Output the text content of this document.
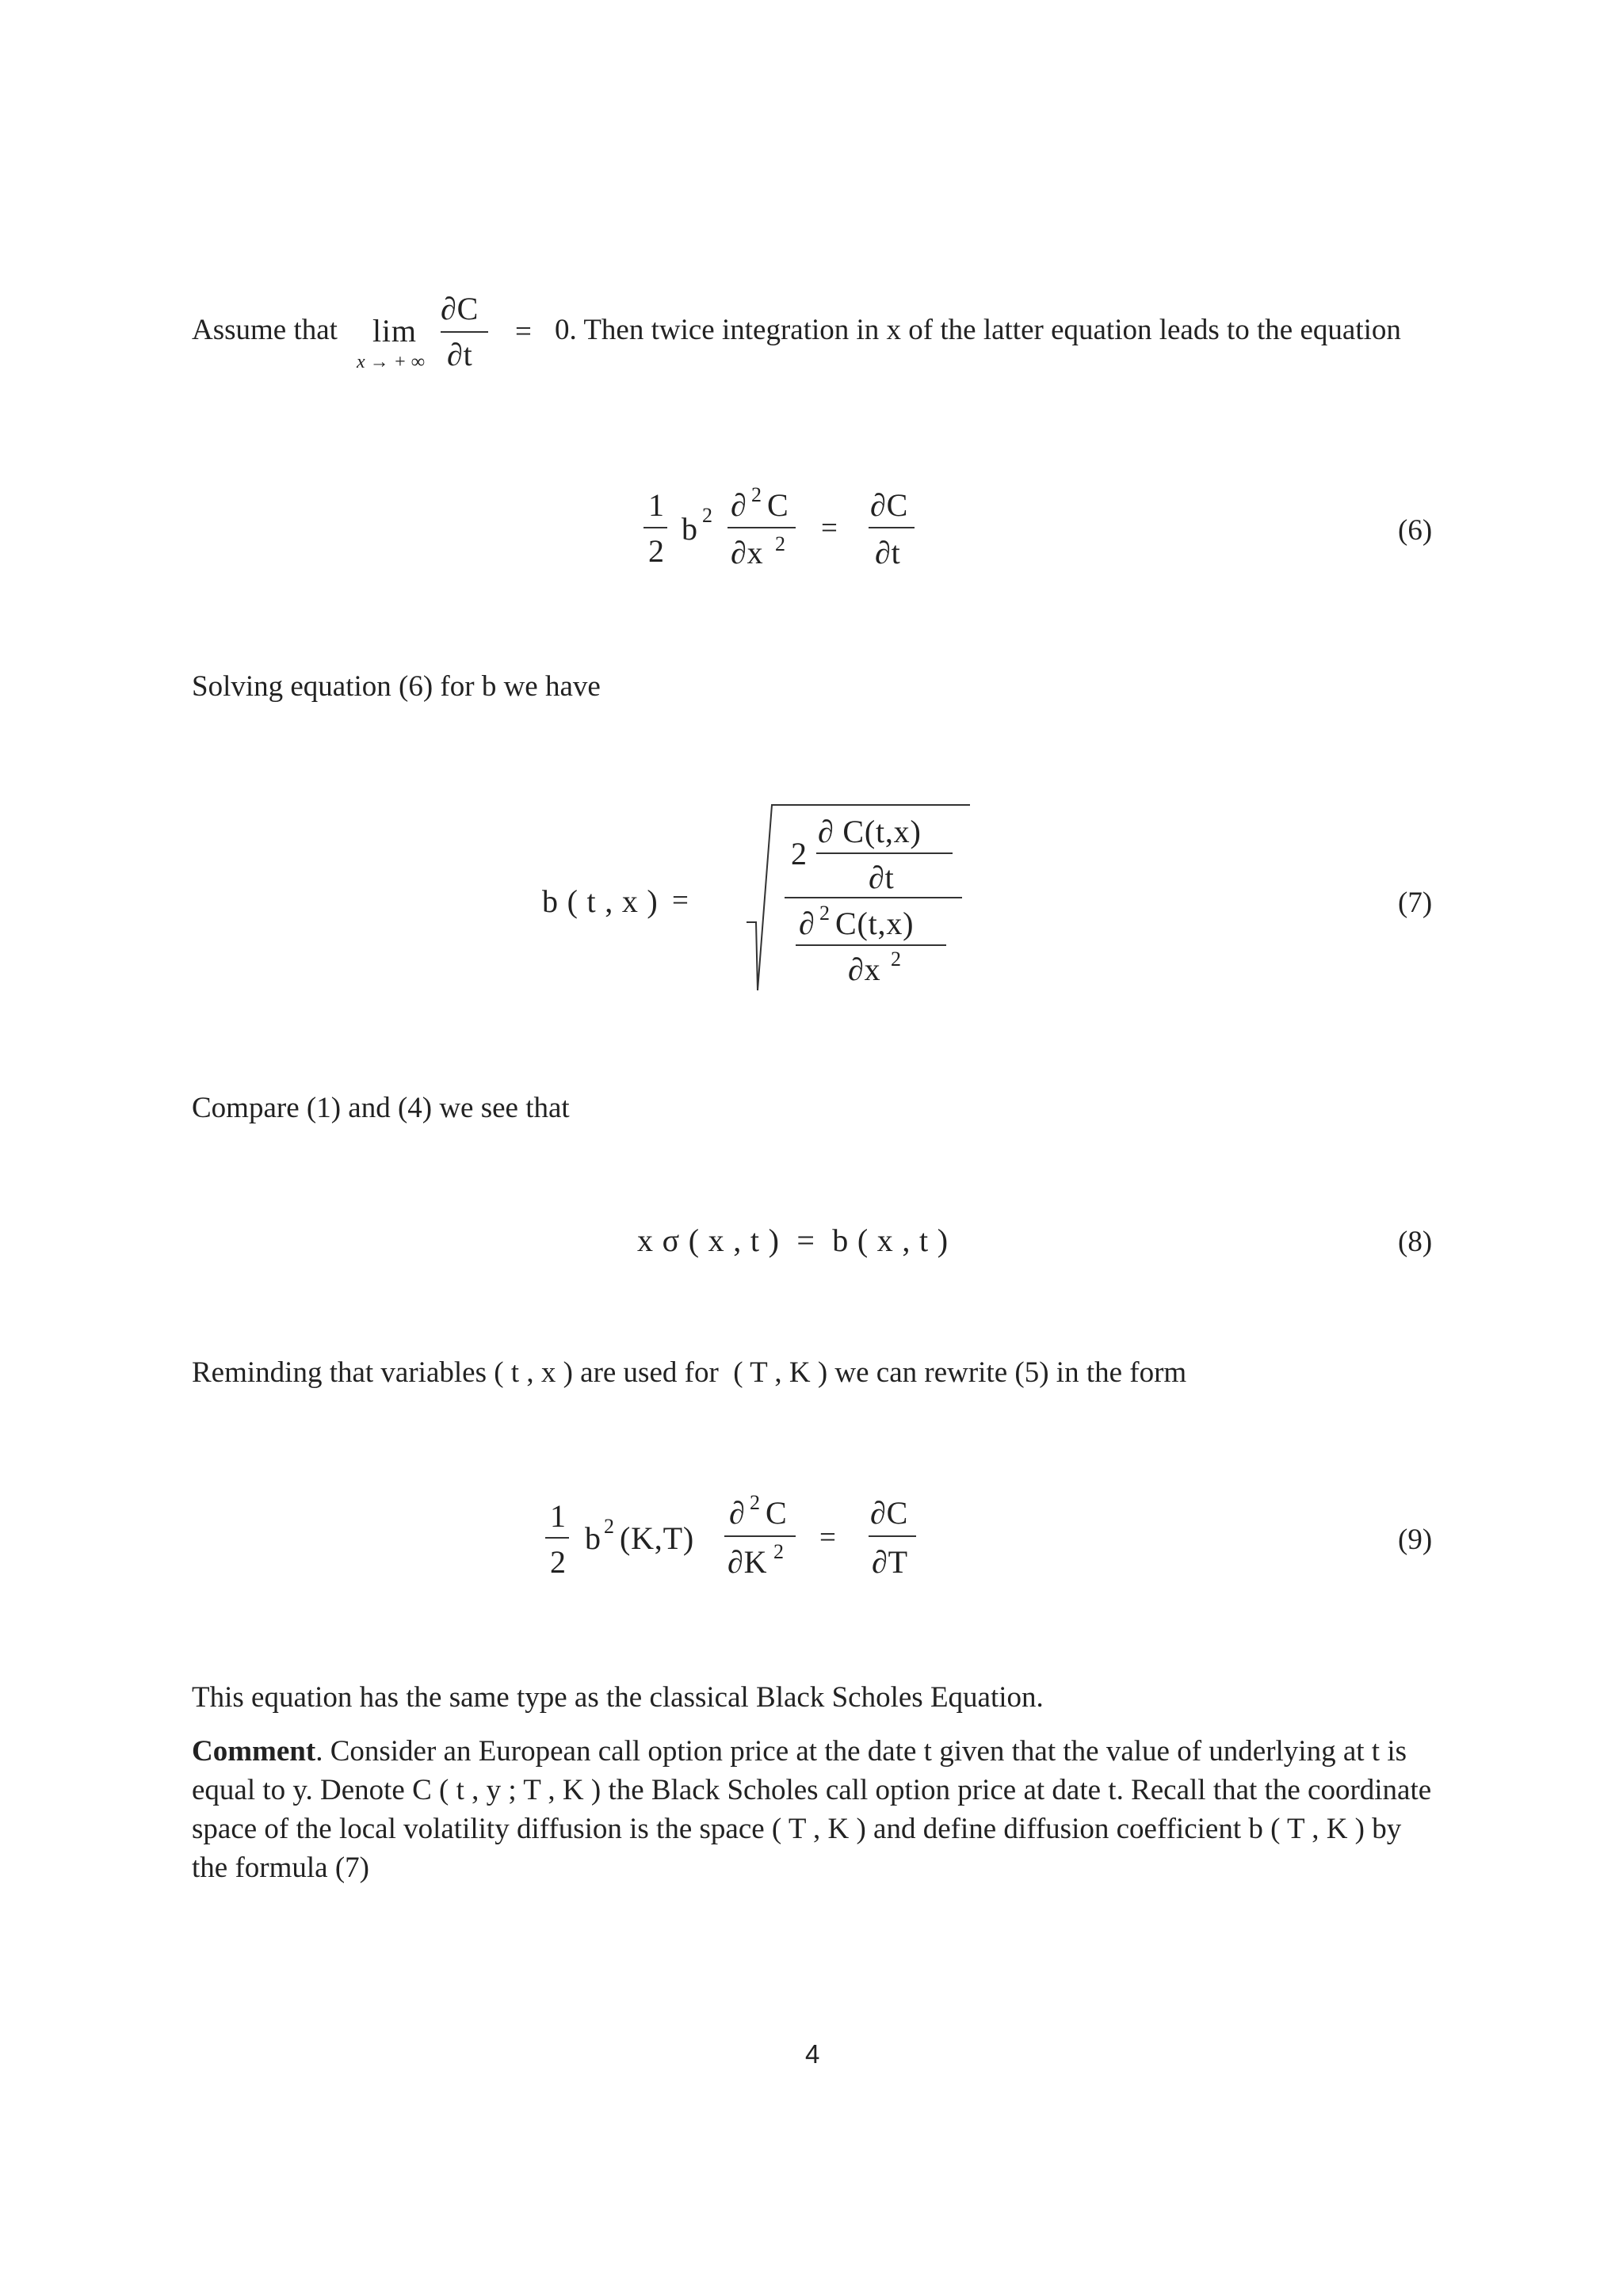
Assume that lim
x → + ∞
∂C
∂t
= 0. Then twice integration in x of the latter equation leads to the equation
1
2
b 2 ∂ 2 C
∂x 2 =
∂C
∂t
(6)
Solving equation (6) for b we have
b ( t , x ) =
2
∂ C(t,x)
∂t
∂ 2 C(t,x)
∂x 2
(7)
Compare (1) and (4) we see that
x σ ( x , t )  =  b ( x , t )	(8)
Reminding that variables ( t , x ) are used for  ( T , K ) we can rewrite (5) in the form
1
2
b 2 (K,T)
∂ 2 C
∂K 2 =
∂C
∂T
(9)
This equation has the same type as the classical Black Scholes Equation.

Comment. Consider an European call option price at the date t given that the value of underlying at t is equal to y. Denote C ( t , y ; T , K ) the Black Scholes call option price at date t. Recall that the coordinate space of the local volatility diffusion is the space ( T , K ) and define diffusion coefficient b ( T , K ) by the formula (7)

4
